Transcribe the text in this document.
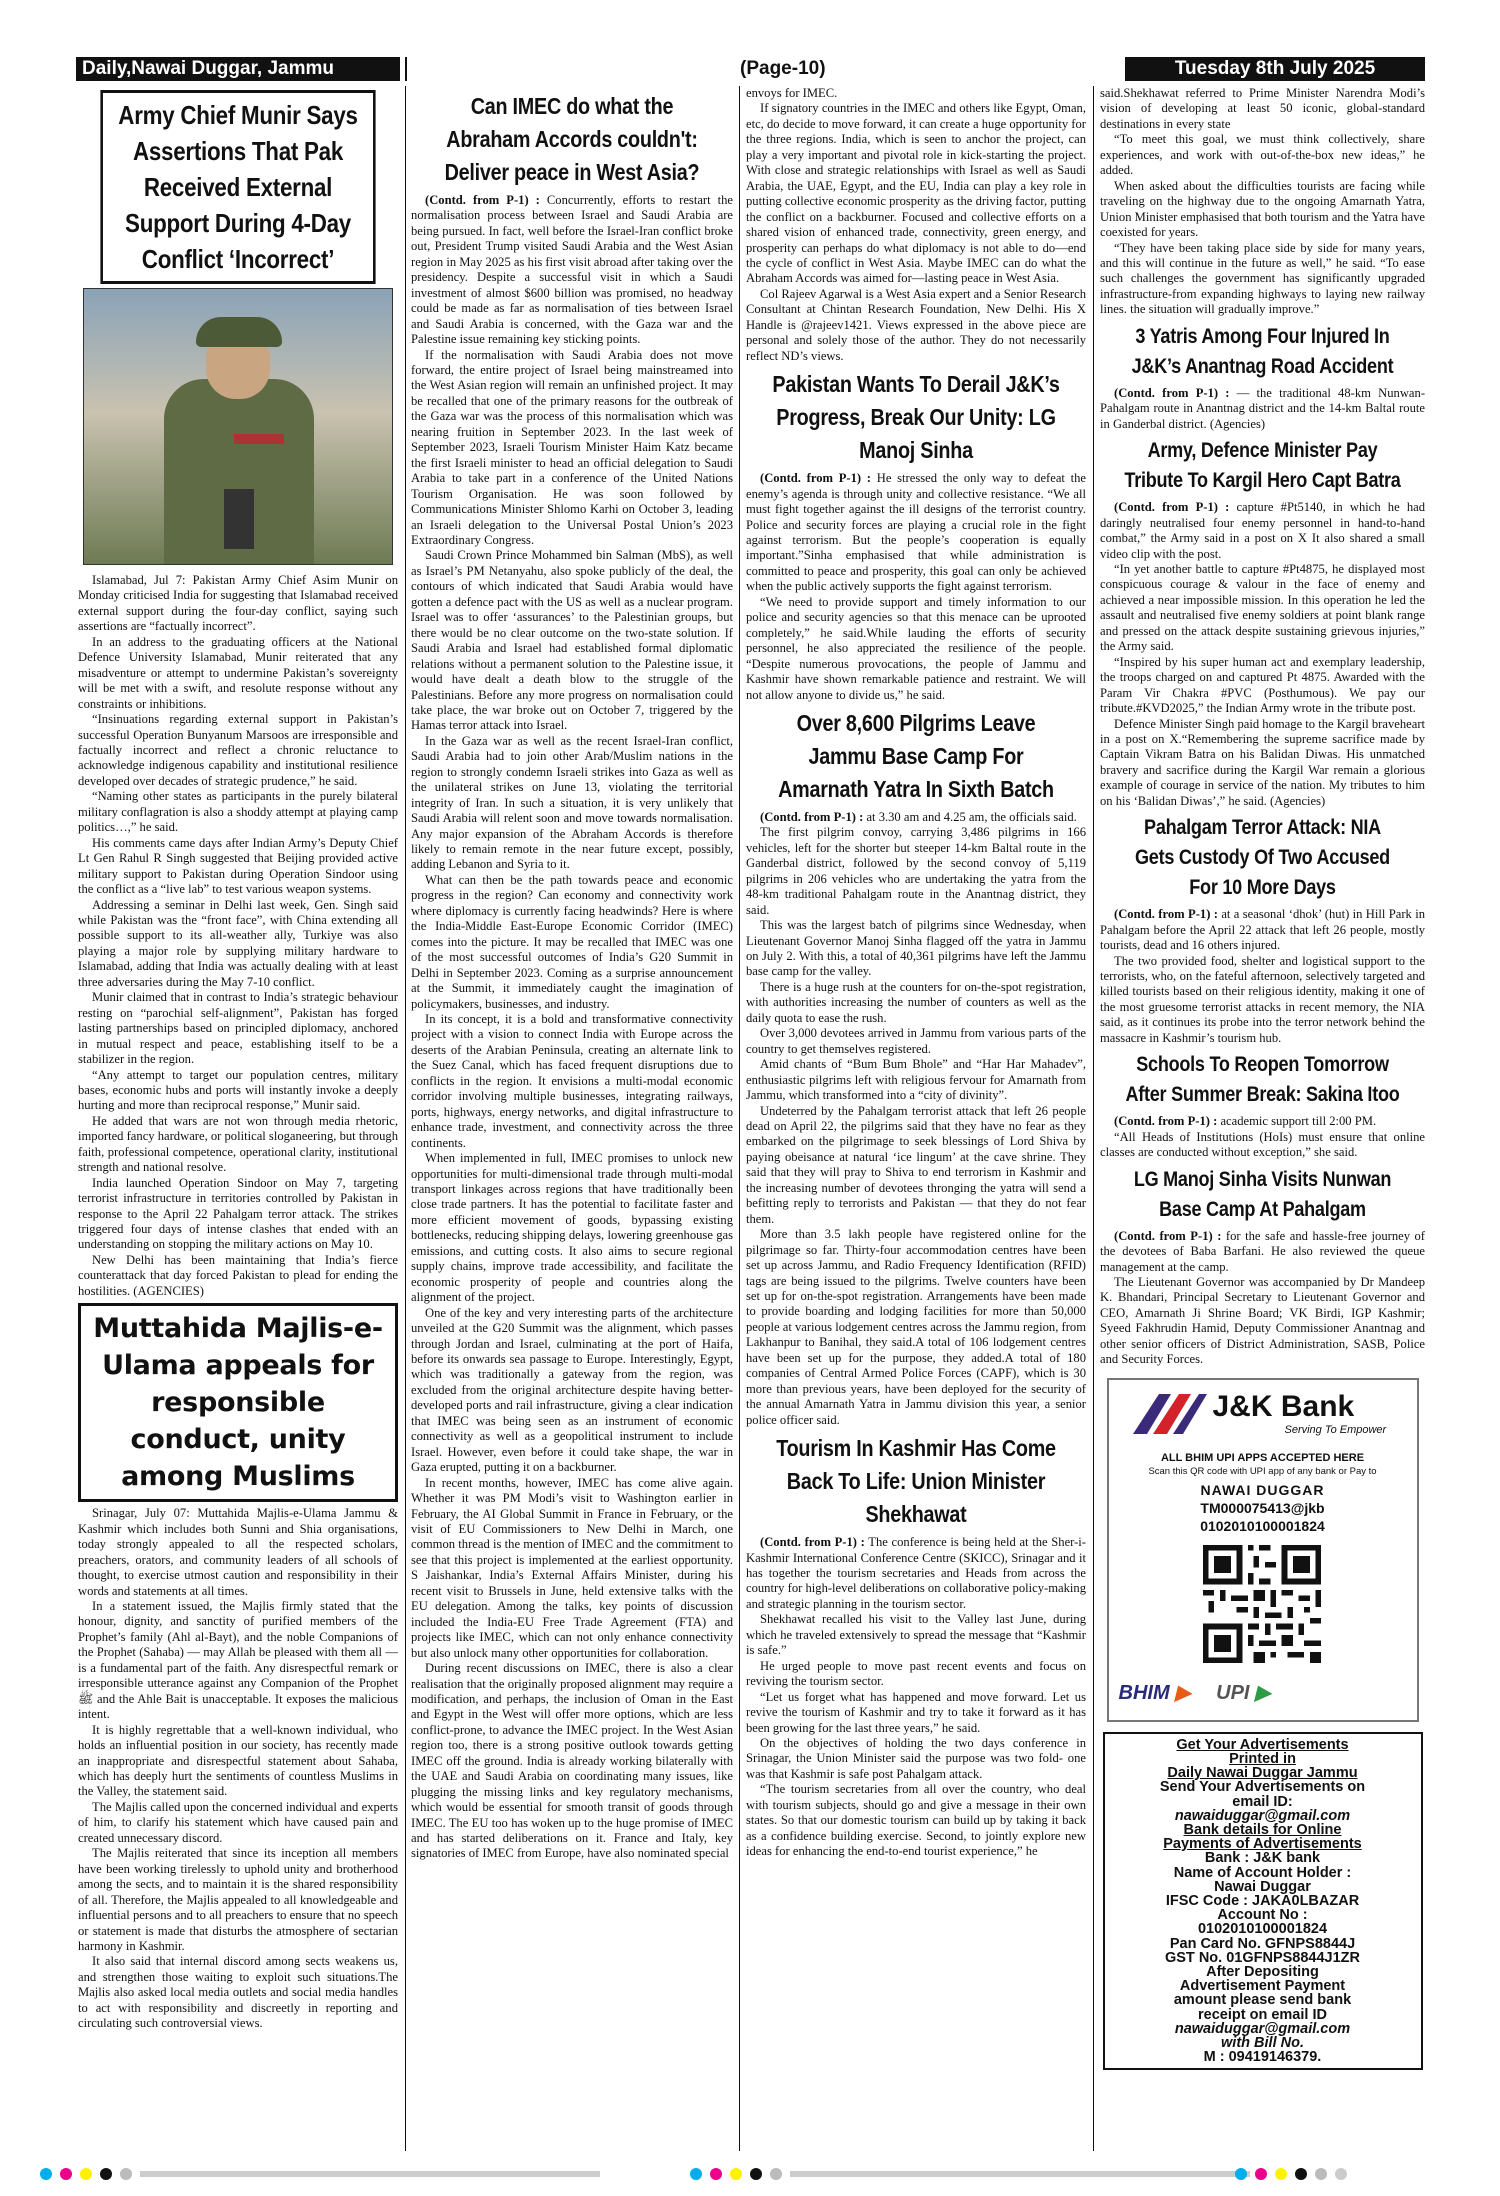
Daily,Nawai Duggar, Jammu	(Page-10)	Tuesday 8th July 2025
Army Chief Munir Says Assertions That Pak Received External Support During 4-Day Conflict ‘Incorrect’

Islamabad, Jul 7: Pakistan Army Chief Asim Munir on Monday criticised India for suggesting that Islamabad received external support during the four-day conflict, saying such assertions are “factually incorrect”.

In an address to the graduating officers at the National Defence University Islamabad, Munir reiterated that any misadventure or attempt to undermine Pakistan’s sovereignty will be met with a swift, and resolute response without any constraints or inhibitions.

“Insinuations regarding external support in Pakistan’s successful Operation Bunyanum Marsoos are irresponsible and factually incorrect and reflect a chronic reluctance to acknowledge indigenous capability and institutional resilience developed over decades of strategic prudence,” he said.

“Naming other states as participants in the purely bilateral military conflagration is also a shoddy attempt at playing camp politics…,” he said.

His comments came days after Indian Army’s Deputy Chief Lt Gen Rahul R Singh suggested that Beijing provided active military support to Pakistan during Operation Sindoor using the conflict as a “live lab” to test various weapon systems.

Addressing a seminar in Delhi last week, Gen. Singh said while Pakistan was the “front face”, with China extending all possible support to its all-weather ally, Turkiye was also playing a major role by supplying military hardware to Islamabad, adding that India was actually dealing with at least three adversaries during the May 7-10 conflict.

Munir claimed that in contrast to India’s strategic behaviour resting on “parochial self-alignment”, Pakistan has forged lasting partnerships based on principled diplomacy, anchored in mutual respect and peace, establishing itself to be a stabilizer in the region.

“Any attempt to target our population centres, military bases, economic hubs and ports will instantly invoke a deeply hurting and more than reciprocal response,” Munir said.

He added that wars are not won through media rhetoric, imported fancy hardware, or political sloganeering, but through faith, professional competence, operational clarity, institutional strength and national resolve.

India launched Operation Sindoor on May 7, targeting terrorist infrastructure in territories controlled by Pakistan in response to the April 22 Pahalgam terror attack. The strikes triggered four days of intense clashes that ended with an understanding on stopping the military actions on May 10.

New Delhi has been maintaining that India’s fierce counterattack that day forced Pakistan to plead for ending the hostilities. (AGENCIES)

Muttahida Majlis-e-Ulama appeals for responsible conduct, unity among Muslims

Srinagar, July 07: Muttahida Majlis-e-Ulama Jammu & Kashmir which includes both Sunni and Shia organisations, today strongly appealed to all the respected scholars, preachers, orators, and community leaders of all schools of thought, to exercise utmost caution and responsibility in their words and statements at all times.

In a statement issued, the Majlis firmly stated that the honour, dignity, and sanctity of purified members of the Prophet’s family (Ahl al-Bayt), and the noble Companions of the Prophet (Sahaba) — may Allah be pleased with them all — is a fundamental part of the faith. Any disrespectful remark or irresponsible utterance against any Companion of the Prophet ﷺ and the Ahle Bait is unacceptable. It exposes the malicious intent.

It is highly regrettable that a well-known individual, who holds an influential position in our society, has recently made an inappropriate and disrespectful statement about Sahaba, which has deeply hurt the sentiments of countless Muslims in the Valley, the statement said.

The Majlis called upon the concerned individual and experts of him, to clarify his statement which have caused pain and created unnecessary discord.

The Majlis reiterated that since its inception all members have been working tirelessly to uphold unity and brotherhood among the sects, and to maintain it is the shared responsibility of all. Therefore, the Majlis appealed to all knowledgeable and influential persons and to all preachers to ensure that no speech or statement is made that disturbs the atmosphere of sectarian harmony in Kashmir.

It also said that internal discord among sects weakens us, and strengthen those waiting to exploit such situations.The Majlis also asked local media outlets and social media handles to act with responsibility and discreetly in reporting and circulating such controversial views.

Can IMEC do what the Abraham Accords couldn't: Deliver peace in West Asia?

(Contd. from P-1) : Concurrently, efforts to restart the normalisation process between Israel and Saudi Arabia are being pursued. In fact, well before the Israel-Iran conflict broke out, President Trump visited Saudi Arabia and the West Asian region in May 2025 as his first visit abroad after taking over the presidency. Despite a successful visit in which a Saudi investment of almost $600 billion was promised, no headway could be made as far as normalisation of ties between Israel and Saudi Arabia is concerned, with the Gaza war and the Palestine issue remaining key sticking points.

If the normalisation with Saudi Arabia does not move forward, the entire project of Israel being mainstreamed into the West Asian region will remain an unfinished project. It may be recalled that one of the primary reasons for the outbreak of the Gaza war was the process of this normalisation which was nearing fruition in September 2023. In the last week of September 2023, Israeli Tourism Minister Haim Katz became the first Israeli minister to head an official delegation to Saudi Arabia to take part in a conference of the United Nations Tourism Organisation. He was soon followed by Communications Minister Shlomo Karhi on October 3, leading an Israeli delegation to the Universal Postal Union’s 2023 Extraordinary Congress.

Saudi Crown Prince Mohammed bin Salman (MbS), as well as Israel’s PM Netanyahu, also spoke publicly of the deal, the contours of which indicated that Saudi Arabia would have gotten a defence pact with the US as well as a nuclear program. Israel was to offer ‘assurances’ to the Palestinian groups, but there would be no clear outcome on the two-state solution. If Saudi Arabia and Israel had established formal diplomatic relations without a permanent solution to the Palestine issue, it would have dealt a death blow to the struggle of the Palestinians. Before any more progress on normalisation could take place, the war broke out on October 7, triggered by the Hamas terror attack into Israel.

In the Gaza war as well as the recent Israel-Iran conflict, Saudi Arabia had to join other Arab/Muslim nations in the region to strongly condemn Israeli strikes into Gaza as well as the unilateral strikes on June 13, violating the territorial integrity of Iran. In such a situation, it is very unlikely that Saudi Arabia will relent soon and move towards normalisation. Any major expansion of the Abraham Accords is therefore likely to remain remote in the near future except, possibly, adding Lebanon and Syria to it.

What can then be the path towards peace and economic progress in the region? Can economy and connectivity work where diplomacy is currently facing headwinds? Here is where the India-Middle East-Europe Economic Corridor (IMEC) comes into the picture. It may be recalled that IMEC was one of the most successful outcomes of India’s G20 Summit in Delhi in September 2023. Coming as a surprise announcement at the Summit, it immediately caught the imagination of policymakers, businesses, and industry.

In its concept, it is a bold and transformative connectivity project with a vision to connect India with Europe across the deserts of the Arabian Peninsula, creating an alternate link to the Suez Canal, which has faced frequent disruptions due to conflicts in the region. It envisions a multi-modal economic corridor involving multiple businesses, integrating railways, ports, highways, energy networks, and digital infrastructure to enhance trade, investment, and connectivity across the three continents.

When implemented in full, IMEC promises to unlock new opportunities for multi-dimensional trade through multi-modal transport linkages across regions that have traditionally been close trade partners. It has the potential to facilitate faster and more efficient movement of goods, bypassing existing bottlenecks, reducing shipping delays, lowering greenhouse gas emissions, and cutting costs. It also aims to secure regional supply chains, improve trade accessibility, and facilitate the economic prosperity of people and countries along the alignment of the project.

One of the key and very interesting parts of the architecture unveiled at the G20 Summit was the alignment, which passes through Jordan and Israel, culminating at the port of Haifa, before its onwards sea passage to Europe. Interestingly, Egypt, which was traditionally a gateway from the region, was excluded from the original architecture despite having better-developed ports and rail infrastructure, giving a clear indication that IMEC was being seen as an instrument of economic connectivity as well as a geopolitical instrument to include Israel. However, even before it could take shape, the war in Gaza erupted, putting it on a backburner.

In recent months, however, IMEC has come alive again. Whether it was PM Modi’s visit to Washington earlier in February, the AI Global Summit in France in February, or the visit of EU Commissioners to New Delhi in March, one common thread is the mention of IMEC and the commitment to see that this project is implemented at the earliest opportunity. S Jaishankar, India’s External Affairs Minister, during his recent visit to Brussels in June, held extensive talks with the EU delegation. Among the talks, key points of discussion included the India-EU Free Trade Agreement (FTA) and projects like IMEC, which can not only enhance connectivity but also unlock many other opportunities for collaboration.

During recent discussions on IMEC, there is also a clear realisation that the originally proposed alignment may require a modification, and perhaps, the inclusion of Oman in the East and Egypt in the West will offer more options, which are less conflict-prone, to advance the IMEC project. In the West Asian region too, there is a strong positive outlook towards getting IMEC off the ground. India is already working bilaterally with the UAE and Saudi Arabia on coordinating many issues, like plugging the missing links and key regulatory mechanisms, which would be essential for smooth transit of goods through IMEC. The EU too has woken up to the huge promise of IMEC and has started deliberations on it. France and Italy, key signatories of IMEC from Europe, have also nominated special

envoys for IMEC.

If signatory countries in the IMEC and others like Egypt, Oman, etc, do decide to move forward, it can create a huge opportunity for the three regions. India, which is seen to anchor the project, can play a very important and pivotal role in kick-starting the project. With close and strategic relationships with Israel as well as Saudi Arabia, the UAE, Egypt, and the EU, India can play a key role in putting collective economic prosperity as the driving factor, putting the conflict on a backburner. Focused and collective efforts on a shared vision of enhanced trade, connectivity, green energy, and prosperity can perhaps do what diplomacy is not able to do—end the cycle of conflict in West Asia. Maybe IMEC can do what the Abraham Accords was aimed for—lasting peace in West Asia.

Col Rajeev Agarwal is a West Asia expert and a Senior Research Consultant at Chintan Research Foundation, New Delhi. His X Handle is @rajeev1421. Views expressed in the above piece are personal and solely those of the author. They do not necessarily reflect ND’s views.

Pakistan Wants To Derail J&K’s Progress, Break Our Unity: LG Manoj Sinha

(Contd. from P-1) : He stressed the only way to defeat the enemy’s agenda is through unity and collective resistance. “We all must fight together against the ill designs of the terrorist country. Police and security forces are playing a crucial role in the fight against terrorism. But the people’s cooperation is equally important.”Sinha emphasised that while administration is committed to peace and prosperity, this goal can only be achieved when the public actively supports the fight against terrorism.

“We need to provide support and timely information to our police and security agencies so that this menace can be uprooted completely,” he said.While lauding the efforts of security personnel, he also appreciated the resilience of the people. “Despite numerous provocations, the people of Jammu and Kashmir have shown remarkable patience and restraint. We will not allow anyone to divide us,” he said.

Over 8,600 Pilgrims Leave Jammu Base Camp For Amarnath Yatra In Sixth Batch

(Contd. from P-1) : at 3.30 am and 4.25 am, the officials said.

The first pilgrim convoy, carrying 3,486 pilgrims in 166 vehicles, left for the shorter but steeper 14-km Baltal route in the Ganderbal district, followed by the second convoy of 5,119 pilgrims in 206 vehicles who are undertaking the yatra from the 48-km traditional Pahalgam route in the Anantnag district, they said.

This was the largest batch of pilgrims since Wednesday, when Lieutenant Governor Manoj Sinha flagged off the yatra in Jammu on July 2. With this, a total of 40,361 pilgrims have left the Jammu base camp for the valley.

There is a huge rush at the counters for on-the-spot registration, with authorities increasing the number of counters as well as the daily quota to ease the rush.

Over 3,000 devotees arrived in Jammu from various parts of the country to get themselves registered.

Amid chants of “Bum Bum Bhole” and “Har Har Mahadev”, enthusiastic pilgrims left with religious fervour for Amarnath from Jammu, which transformed into a “city of divinity”.

Undeterred by the Pahalgam terrorist attack that left 26 people dead on April 22, the pilgrims said that they have no fear as they embarked on the pilgrimage to seek blessings of Lord Shiva by paying obeisance at natural ‘ice lingum’ at the cave shrine. They said that they will pray to Shiva to end terrorism in Kashmir and the increasing number of devotees thronging the yatra will send a befitting reply to terrorists and Pakistan — that they do not fear them.

More than 3.5 lakh people have registered online for the pilgrimage so far. Thirty-four accommodation centres have been set up across Jammu, and Radio Frequency Identification (RFID) tags are being issued to the pilgrims. Twelve counters have been set up for on-the-spot registration. Arrangements have been made to provide boarding and lodging facilities for more than 50,000 people at various lodgement centres across the Jammu region, from Lakhanpur to Banihal, they said.A total of 106 lodgement centres have been set up for the purpose, they added.A total of 180 companies of Central Armed Police Forces (CAPF), which is 30 more than previous years, have been deployed for the security of the annual Amarnath Yatra in Jammu division this year, a senior police officer said.

Tourism In Kashmir Has Come Back To Life: Union Minister Shekhawat

(Contd. from P-1) : The conference is being held at the Sher-i-Kashmir International Conference Centre (SKICC), Srinagar and it has together the tourism secretaries and Heads from across the country for high-level deliberations on collaborative policy-making and strategic planning in the tourism sector.

Shekhawat recalled his visit to the Valley last June, during which he traveled extensively to spread the message that “Kashmir is safe.”

He urged people to move past recent events and focus on reviving the tourism sector.

“Let us forget what has happened and move forward. Let us revive the tourism of Kashmir and try to take it forward as it has been growing for the last three years,” he said.

On the objectives of holding the two days conference in Srinagar, the Union Minister said the purpose was two fold- one was that Kashmir is safe post Pahalgam attack.

“The tourism secretaries from all over the country, who deal with tourism subjects, should go and give a message in their own states. So that our domestic tourism can build up by taking it back as a confidence building exercise. Second, to jointly explore new ideas for enhancing the end-to-end tourist experience,” he

said.Shekhawat referred to Prime Minister Narendra Modi’s vision of developing at least 50 iconic, global-standard destinations in every state

“To meet this goal, we must think collectively, share experiences, and work with out-of-the-box new ideas,” he added.

When asked about the difficulties tourists are facing while traveling on the highway due to the ongoing Amarnath Yatra, Union Minister emphasised that both tourism and the Yatra have coexisted for years.

“They have been taking place side by side for many years, and this will continue in the future as well,” he said. “To ease such challenges the government has significantly upgraded infrastructure-from expanding highways to laying new railway lines. the situation will gradually improve.”

3 Yatris Among Four Injured In J&K’s Anantnag Road Accident

(Contd. from P-1) : — the traditional 48-km Nunwan-Pahalgam route in Anantnag district and the 14-km Baltal route in Ganderbal district. (Agencies)

Army, Defence Minister Pay Tribute To Kargil Hero Capt Batra

(Contd. from P-1) : capture #Pt5140, in which he had daringly neutralised four enemy personnel in hand-to-hand combat,” the Army said in a post on X It also shared a small video clip with the post.

“In yet another battle to capture #Pt4875, he displayed most conspicuous courage & valour in the face of enemy and achieved a near impossible mission. In this operation he led the assault and neutralised five enemy soldiers at point blank range and pressed on the attack despite sustaining grievous injuries,” the Army said.

“Inspired by his super human act and exemplary leadership, the troops charged on and captured Pt 4875. Awarded with the Param Vir Chakra #PVC (Posthumous). We pay our tribute.#KVD2025,” the Indian Army wrote in the tribute post.

Defence Minister Singh paid homage to the Kargil braveheart in a post on X.“Remembering the supreme sacrifice made by Captain Vikram Batra on his Balidan Diwas. His unmatched bravery and sacrifice during the Kargil War remain a glorious example of courage in service of the nation. My tributes to him on his ‘Balidan Diwas’,” he said. (Agencies)

Pahalgam Terror Attack: NIA Gets Custody Of Two Accused For 10 More Days

(Contd. from P-1) : at a seasonal ‘dhok’ (hut) in Hill Park in Pahalgam before the April 22 attack that left 26 people, mostly tourists, dead and 16 others injured.

The two provided food, shelter and logistical support to the terrorists, who, on the fateful afternoon, selectively targeted and killed tourists based on their religious identity, making it one of the most gruesome terrorist attacks in recent memory, the NIA said, as it continues its probe into the terror network behind the massacre in Kashmir’s tourism hub.

Schools To Reopen Tomorrow After Summer Break: Sakina Itoo

(Contd. from P-1) : academic support till 2:00 PM.

“All Heads of Institutions (HoIs) must ensure that online classes are conducted without exception,” she said.

LG Manoj Sinha Visits Nunwan Base Camp At Pahalgam

(Contd. from P-1) : for the safe and hassle-free journey of the devotees of Baba Barfani. He also reviewed the queue management at the camp.

The Lieutenant Governor was accompanied by Dr Mandeep K. Bhandari, Principal Secretary to Lieutenant Governor and CEO, Amarnath Ji Shrine Board; VK Birdi, IGP Kashmir; Syeed Fakhrudin Hamid, Deputy Commissioner Anantnag and other senior officers of District Administration, SASB, Police and Security Forces.

J&K Bank
Serving To Empower
ALL BHIM UPI APPS ACCEPTED HERE
Scan this QR code with UPI app of any bank or Pay to
NAWAI DUGGAR
TM000075413@jkb
0102010100001824
BHIM ▶ UPI ▶
Get Your Advertisements
Printed in
Daily Nawai Duggar Jammu
Send Your Advertisements on
email ID:
nawaiduggar@gmail.com
Bank details for Online
Payments of Advertisements
Bank : J&K bank
Name of Account Holder :
Nawai Duggar
IFSC Code : JAKA0LBAZAR
Account No :
0102010100001824
Pan Card No. GFNPS8844J
GST No. 01GFNPS8844J1ZR
After Depositing
Advertisement Payment
amount please send bank
receipt on email ID
nawaiduggar@gmail.com
with Bill No.
M : 09419146379.
